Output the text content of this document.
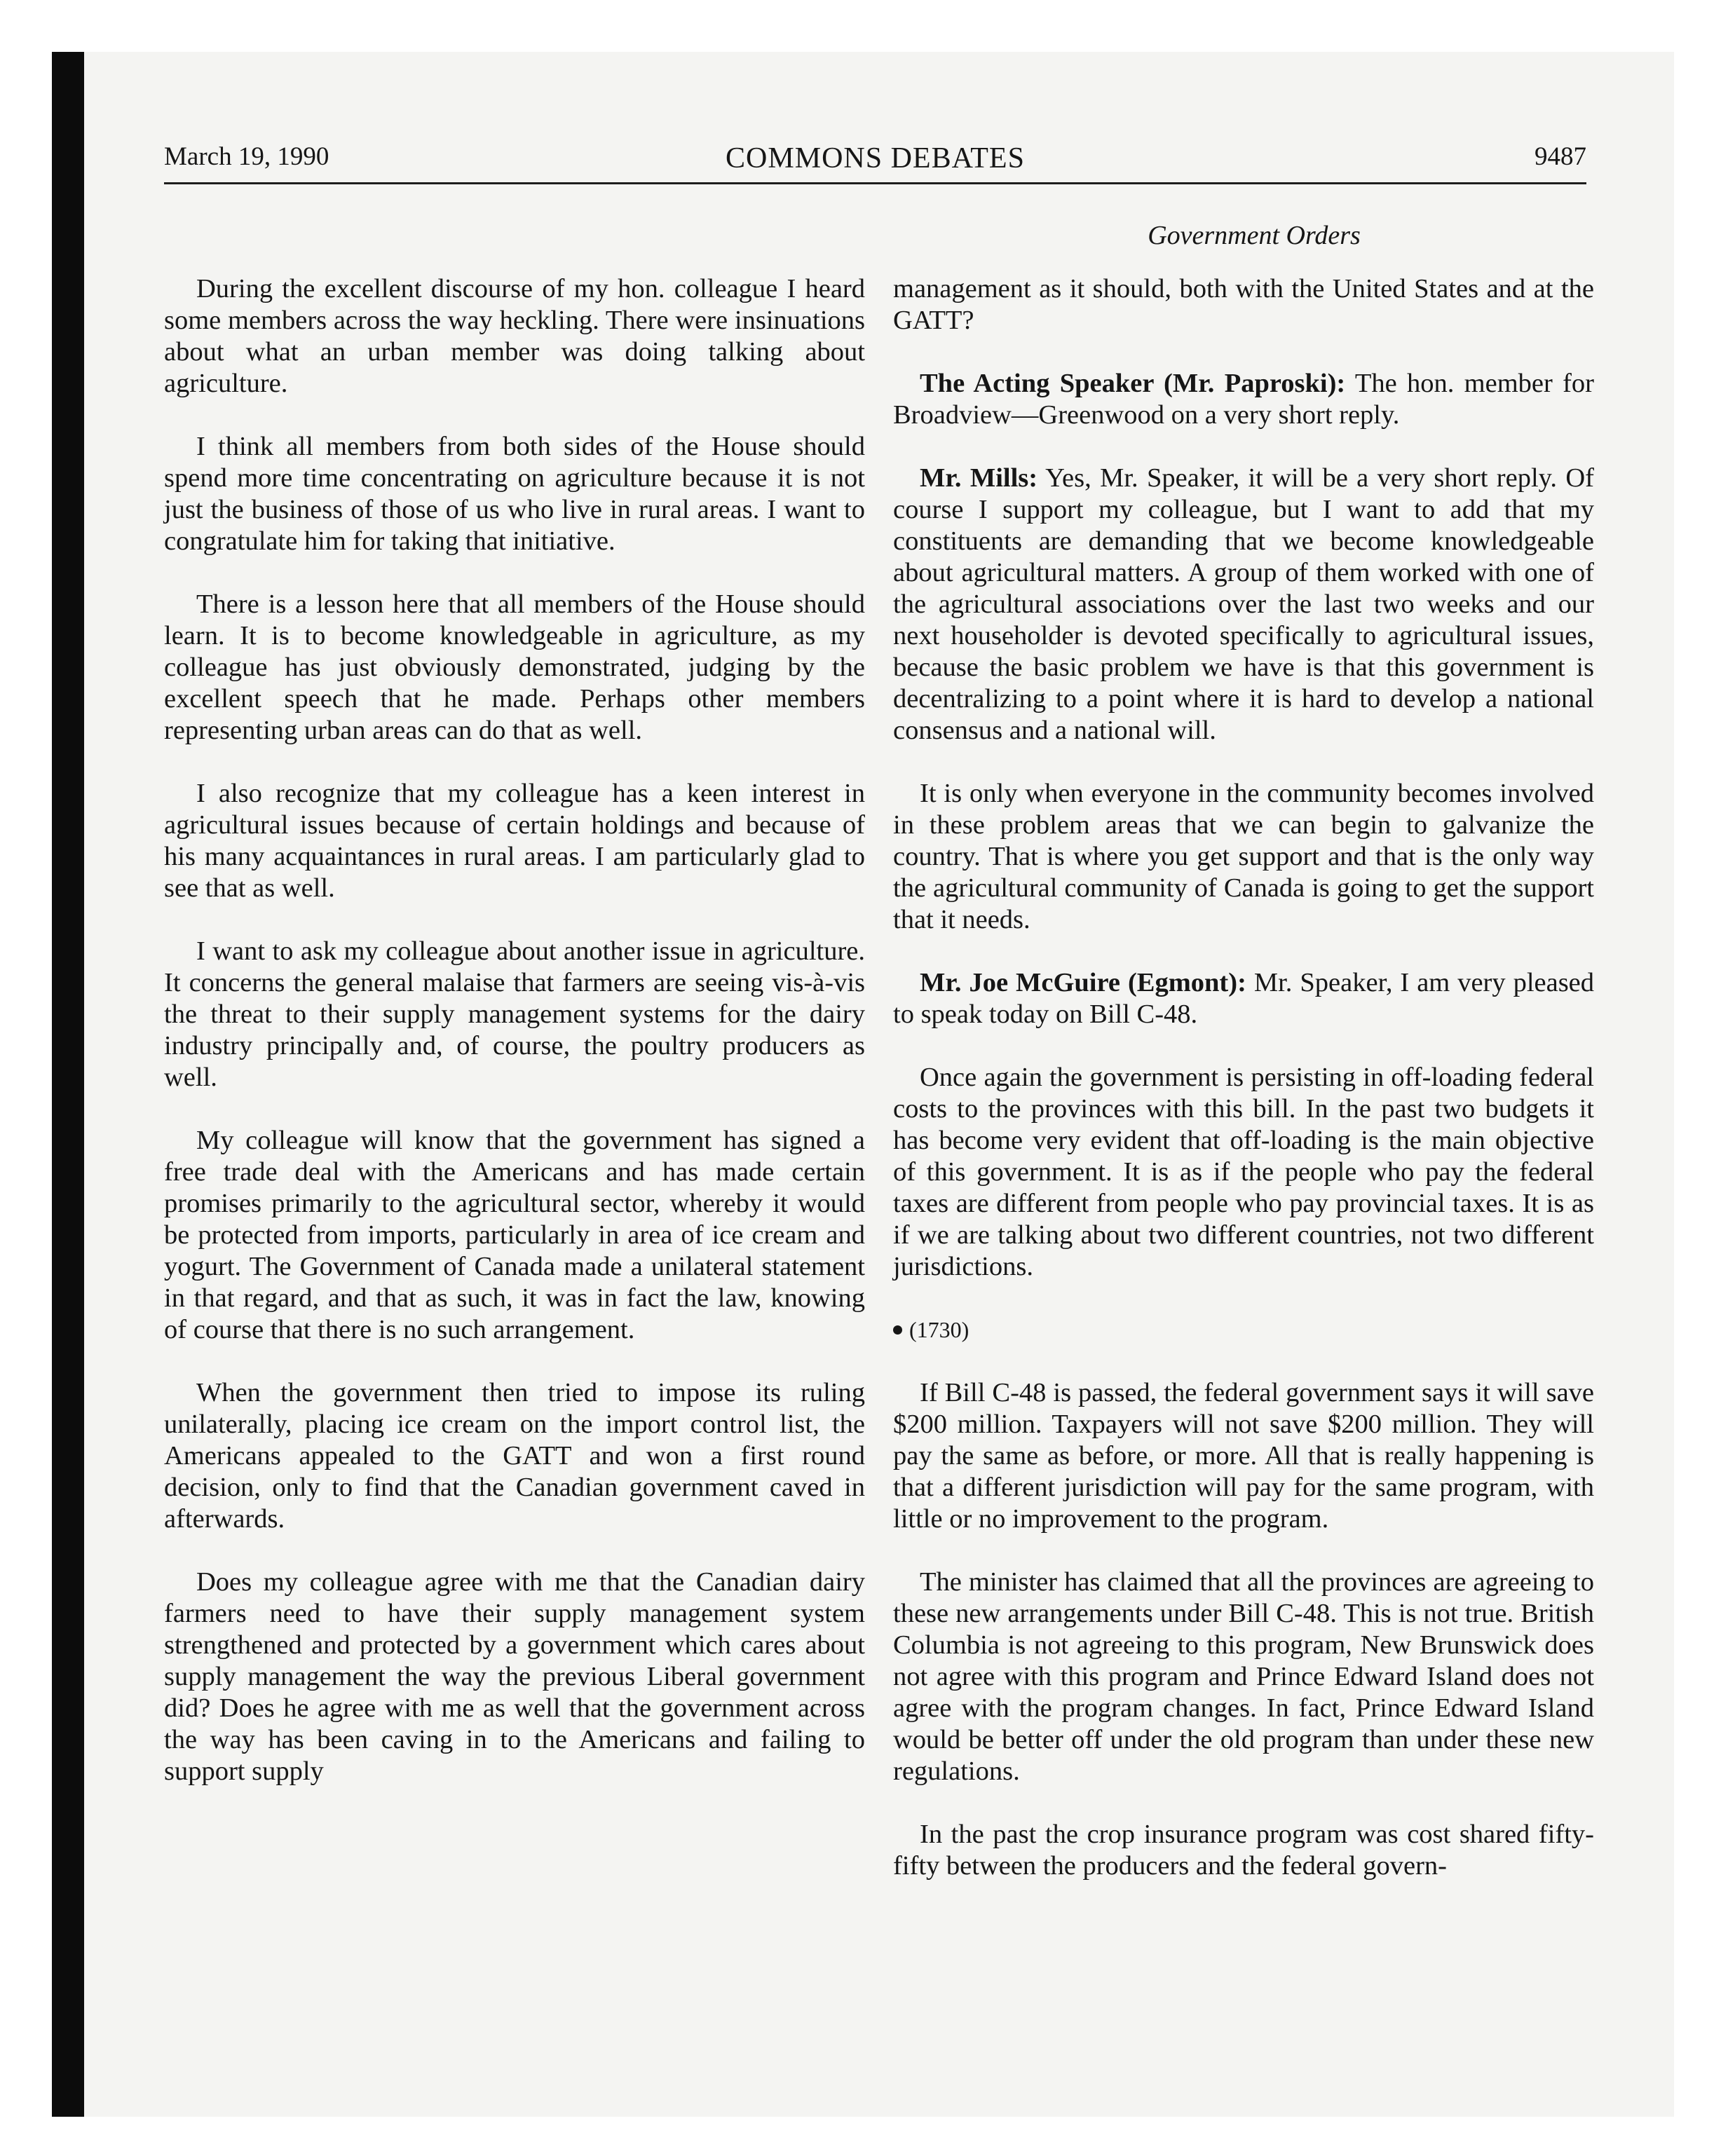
March 19, 1990	COMMONS DEBATES	9487
Government Orders

During the excellent discourse of my hon. colleague I heard some members across the way heckling. There were insinuations about what an urban member was doing talking about agriculture.

I think all members from both sides of the House should spend more time concentrating on agriculture because it is not just the business of those of us who live in rural areas. I want to congratulate him for taking that initiative.

There is a lesson here that all members of the House should learn. It is to become knowledgeable in agriculture, as my colleague has just obviously demonstrated, judging by the excellent speech that he made. Perhaps other members representing urban areas can do that as well.

I also recognize that my colleague has a keen interest in agricultural issues because of certain holdings and because of his many acquaintances in rural areas. I am particularly glad to see that as well.

I want to ask my colleague about another issue in agriculture. It concerns the general malaise that farmers are seeing vis-à-vis the threat to their supply management systems for the dairy industry principally and, of course, the poultry producers as well.

My colleague will know that the government has signed a free trade deal with the Americans and has made certain promises primarily to the agricultural sector, whereby it would be protected from imports, particularly in area of ice cream and yogurt. The Government of Canada made a unilateral statement in that regard, and that as such, it was in fact the law, knowing of course that there is no such arrangement.

When the government then tried to impose its ruling unilaterally, placing ice cream on the import control list, the Americans appealed to the GATT and won a first round decision, only to find that the Canadian government caved in afterwards.

Does my colleague agree with me that the Canadian dairy farmers need to have their supply management system strengthened and protected by a government which cares about supply management the way the previous Liberal government did? Does he agree with me as well that the government across the way has been caving in to the Americans and failing to support supply

management as it should, both with the United States and at the GATT?

The Acting Speaker (Mr. Paproski): The hon. member for Broadview—Greenwood on a very short reply.

Mr. Mills: Yes, Mr. Speaker, it will be a very short reply. Of course I support my colleague, but I want to add that my constituents are demanding that we become knowledgeable about agricultural matters. A group of them worked with one of the agricultural associations over the last two weeks and our next householder is devoted specifically to agricultural issues, because the basic problem we have is that this government is decentralizing to a point where it is hard to develop a national consensus and a national will.

It is only when everyone in the community becomes involved in these problem areas that we can begin to galvanize the country. That is where you get support and that is the only way the agricultural community of Canada is going to get the support that it needs.

Mr. Joe McGuire (Egmont): Mr. Speaker, I am very pleased to speak today on Bill C-48.

Once again the government is persisting in off-loading federal costs to the provinces with this bill. In the past two budgets it has become very evident that off-loading is the main objective of this government. It is as if the people who pay the federal taxes are different from people who pay provincial taxes. It is as if we are talking about two different countries, not two different jurisdictions.

(1730)

If Bill C-48 is passed, the federal government says it will save $200 million. Taxpayers will not save $200 million. They will pay the same as before, or more. All that is really happening is that a different jurisdiction will pay for the same program, with little or no improvement to the program.

The minister has claimed that all the provinces are agreeing to these new arrangements under Bill C-48. This is not true. British Columbia is not agreeing to this program, New Brunswick does not agree with this program and Prince Edward Island does not agree with the program changes. In fact, Prince Edward Island would be better off under the old program than under these new regulations.

In the past the crop insurance program was cost shared fifty-fifty between the producers and the federal govern-
